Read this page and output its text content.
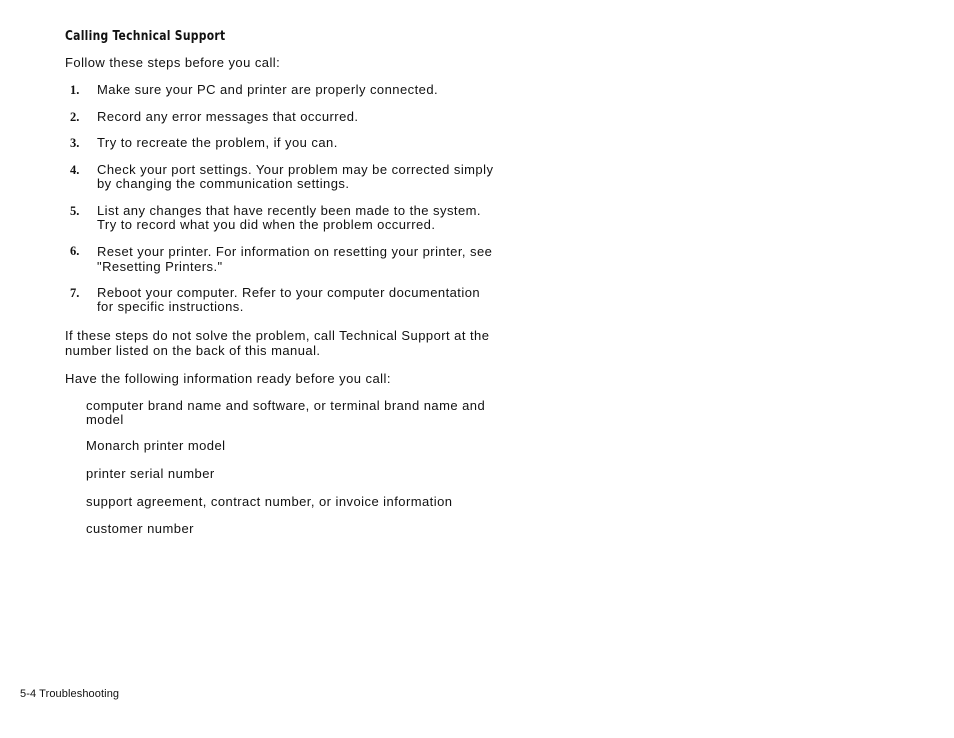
Calling Technical Support
Follow these steps before you call:
1.	Make sure your PC and printer are properly connected.
2.	Record any error messages that occurred.
3.	Try to recreate the problem, if you can.
4.	Check your port settings. Your problem may be corrected simply
by changing the communication settings.
5.	List any changes that have recently been made to the system.
Try to record what you did when the problem occurred.
6.	Reset your printer. For information on resetting your printer, see
"Resetting Printers."
7.	Reboot your computer. Refer to your computer documentation
for specific instructions.
If these steps do not solve the problem, call Technical Support at the
number listed on the back of this manual.
Have the following information ready before you call:
computer brand name and software, or terminal brand name and
model
Monarch printer model
printer serial number
support agreement, contract number, or invoice information
customer number
5-4 Troubleshooting
